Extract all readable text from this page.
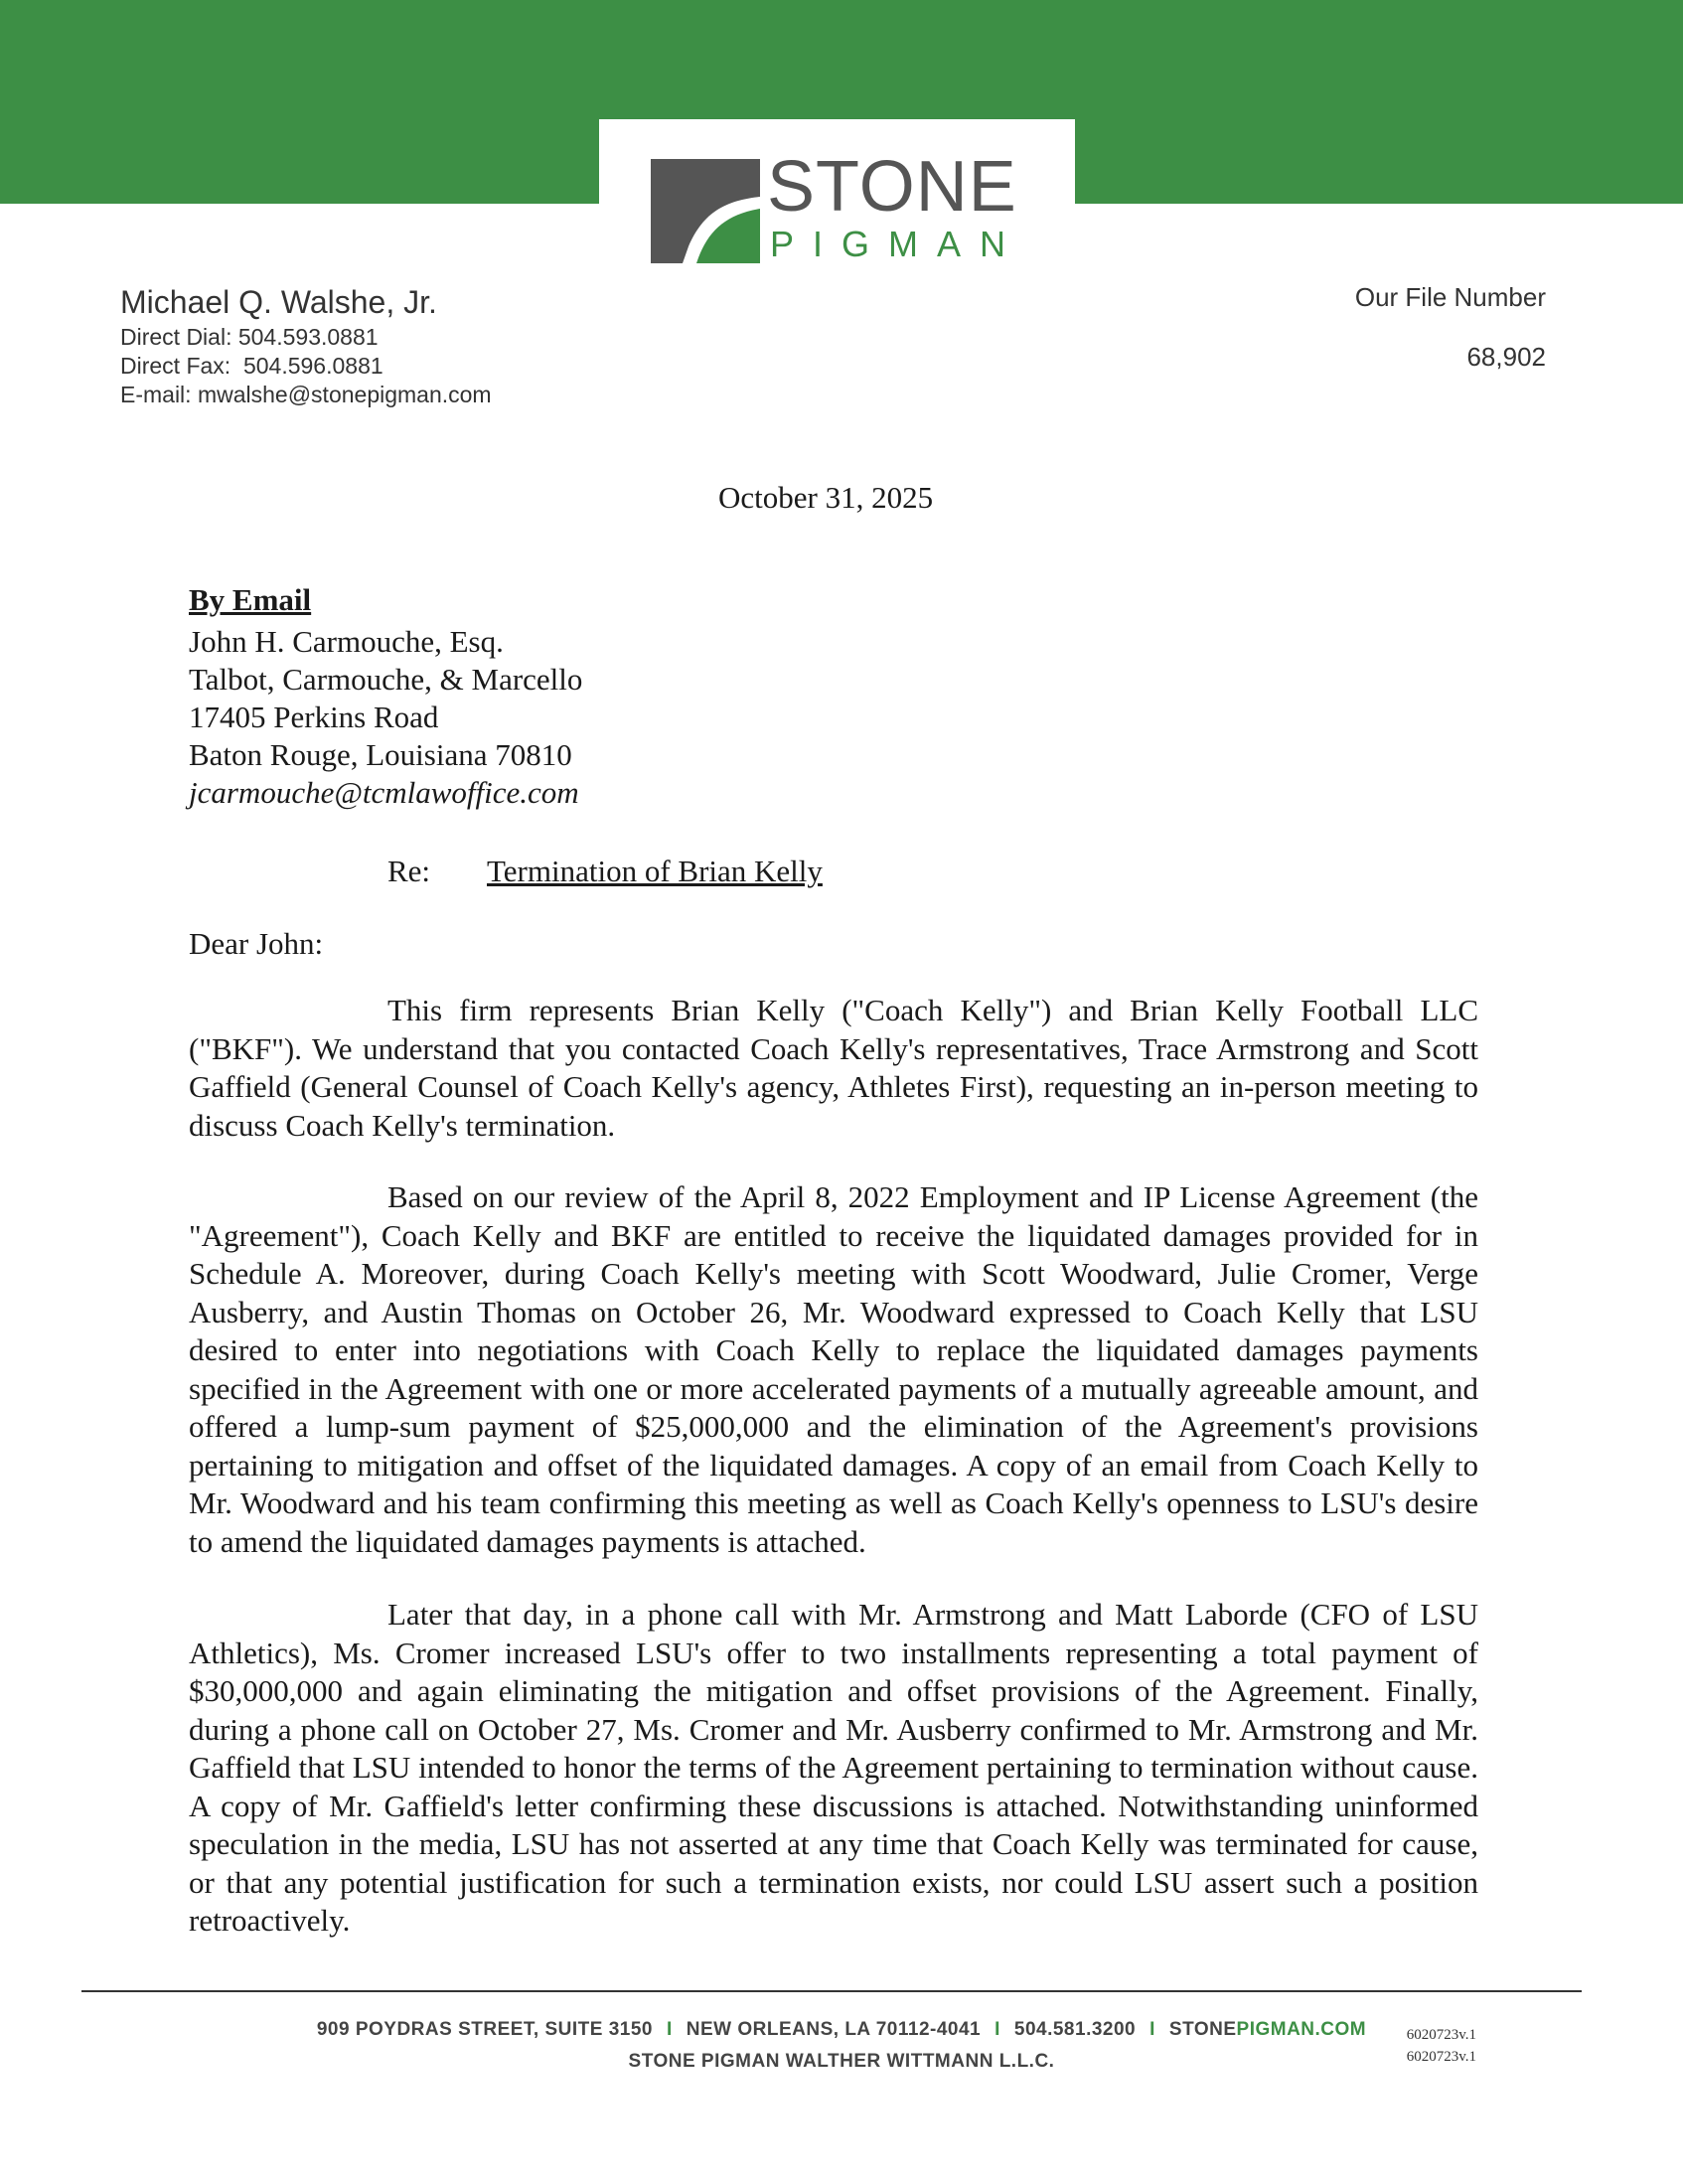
STONE
PIGMAN
Michael Q. Walshe, Jr.
Direct Dial: 504.593.0881
Direct Fax:  504.596.0881
E-mail: mwalshe@stonepigman.com
Our File Number
68,902
October 31, 2025
By Email
John H. Carmouche, Esq.
Talbot, Carmouche, & Marcello
17405 Perkins Road
Baton Rouge, Louisiana 70810
jcarmouche@tcmlawoffice.com
Re: Termination of Brian Kelly
Dear John:

This firm represents Brian Kelly ("Coach Kelly") and Brian Kelly Football LLC ("BKF"). We understand that you contacted Coach Kelly's representatives, Trace Armstrong and Scott Gaffield (General Counsel of Coach Kelly's agency, Athletes First), requesting an in-person meeting to discuss Coach Kelly's termination.

Based on our review of the April 8, 2022 Employment and IP License Agreement (the "Agreement"), Coach Kelly and BKF are entitled to receive the liquidated damages provided for in Schedule A. Moreover, during Coach Kelly's meeting with Scott Woodward, Julie Cromer, Verge Ausberry, and Austin Thomas on October 26, Mr. Woodward expressed to Coach Kelly that LSU desired to enter into negotiations with Coach Kelly to replace the liquidated damages payments specified in the Agreement with one or more accelerated payments of a mutually agreeable amount, and offered a lump-sum payment of $25,000,000 and the elimination of the Agreement's provisions pertaining to mitigation and offset of the liquidated damages. A copy of an email from Coach Kelly to Mr. Woodward and his team confirming this meeting as well as Coach Kelly's openness to LSU's desire to amend the liquidated damages payments is attached.

Later that day, in a phone call with Mr. Armstrong and Matt Laborde (CFO of LSU Athletics), Ms. Cromer increased LSU's offer to two installments representing a total payment of $30,000,000 and again eliminating the mitigation and offset provisions of the Agreement. Finally, during a phone call on October 27, Ms. Cromer and Mr. Ausberry confirmed to Mr. Armstrong and Mr. Gaffield that LSU intended to honor the terms of the Agreement pertaining to termination without cause. A copy of Mr. Gaffield's letter confirming these discussions is attached. Notwithstanding uninformed speculation in the media, LSU has not asserted at any time that Coach Kelly was terminated for cause, or that any potential justification for such a termination exists, nor could LSU assert such a position retroactively.

909 POYDRAS STREET, SUITE 3150 I NEW ORLEANS, LA 70112-4041 I 504.581.3200 I STONEPIGMAN.COM
STONE PIGMAN WALTHER WITTMANN L.L.C.
6020723v.1
6020723v.1
